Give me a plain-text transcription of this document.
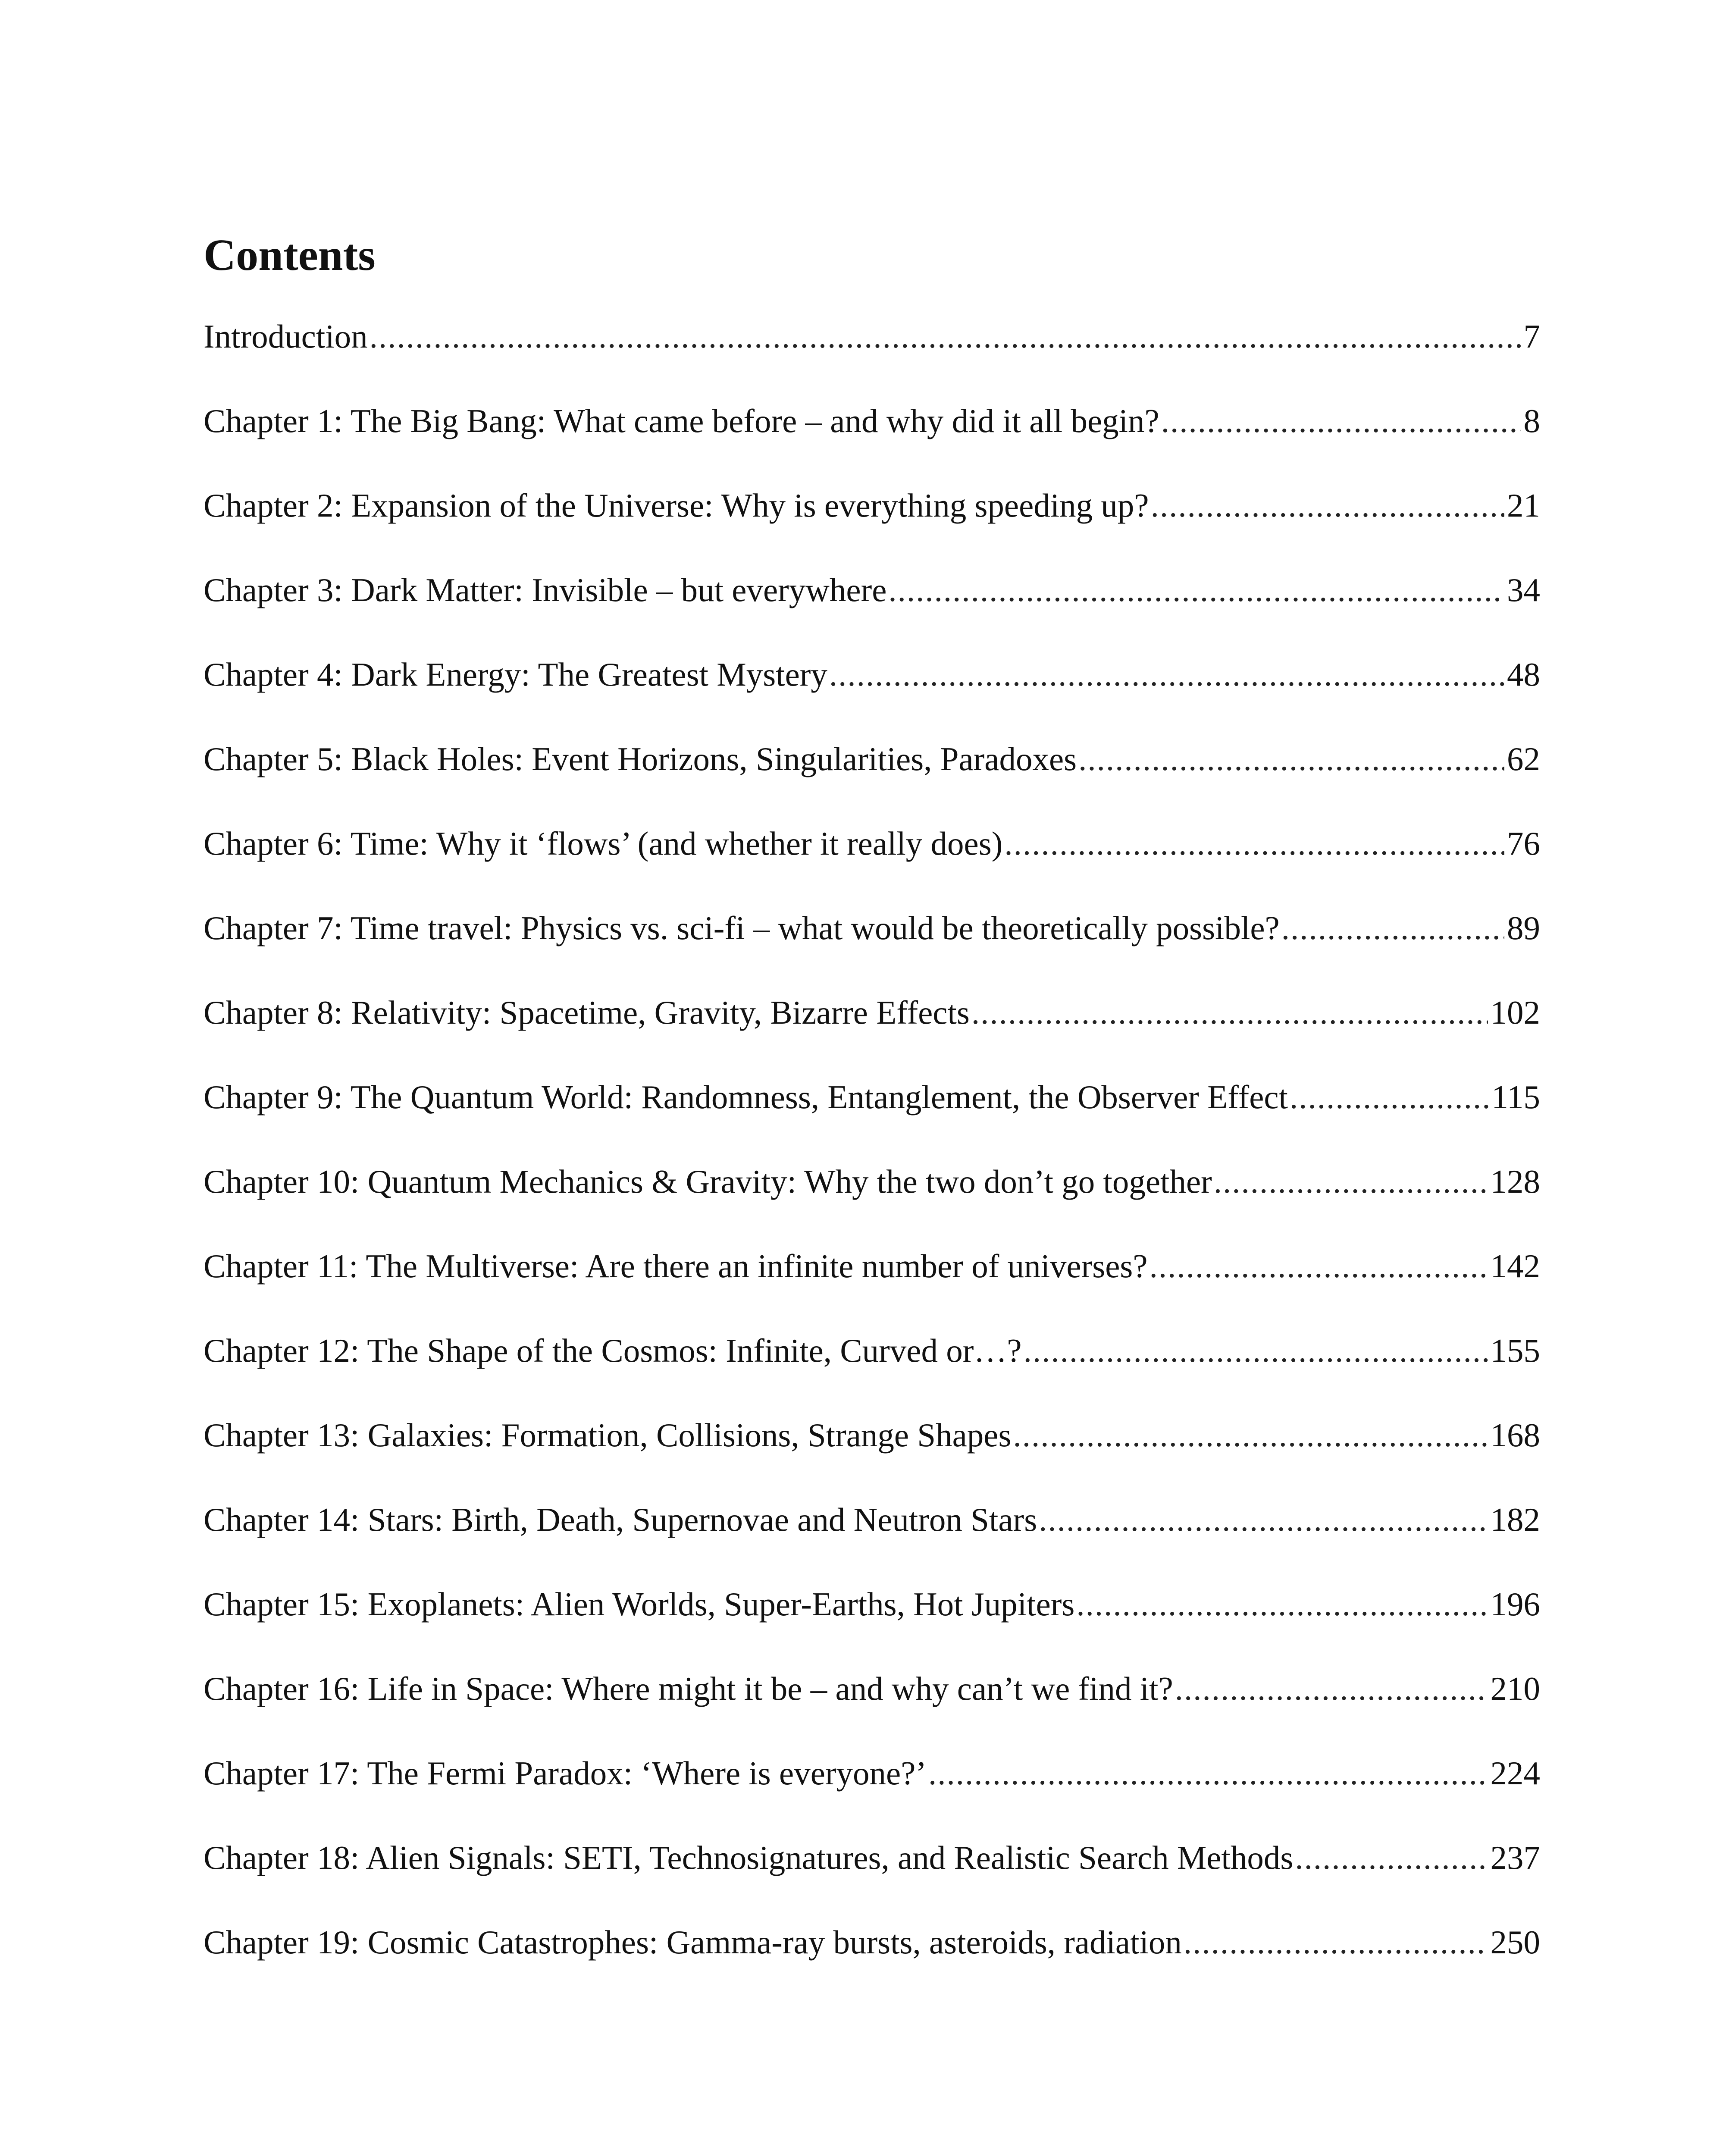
Contents
Introduction .....	7
Chapter 1: The Big Bang: What came before – and why did it all begin? .....	8
Chapter 2: Expansion of the Universe: Why is everything speeding up? .....	21
Chapter 3: Dark Matter: Invisible – but everywhere .....	34
Chapter 4: Dark Energy: The Greatest Mystery .....	48
Chapter 5: Black Holes: Event Horizons, Singularities, Paradoxes .....	62
Chapter 6: Time: Why it ‘flows’ (and whether it really does) .....	76
Chapter 7: Time travel: Physics vs. sci-fi – what would be theoretically possible? .....	89
Chapter 8: Relativity: Spacetime, Gravity, Bizarre Effects .....	102
Chapter 9: The Quantum World: Randomness, Entanglement, the Observer Effect .....	115
Chapter 10: Quantum Mechanics & Gravity: Why the two don’t go together .....	128
Chapter 11: The Multiverse: Are there an infinite number of universes? .....	142
Chapter 12: The Shape of the Cosmos: Infinite, Curved or…? .....	155
Chapter 13: Galaxies: Formation, Collisions, Strange Shapes .....	168
Chapter 14: Stars: Birth, Death, Supernovae and Neutron Stars .....	182
Chapter 15: Exoplanets: Alien Worlds, Super-Earths, Hot Jupiters .....	196
Chapter 16: Life in Space: Where might it be – and why can’t we find it? .....	210
Chapter 17: The Fermi Paradox: ‘Where is everyone?’ .....	224
Chapter 18: Alien Signals: SETI, Technosignatures, and Realistic Search Methods .....	237
Chapter 19: Cosmic Catastrophes: Gamma-ray bursts, asteroids, radiation .....	250
